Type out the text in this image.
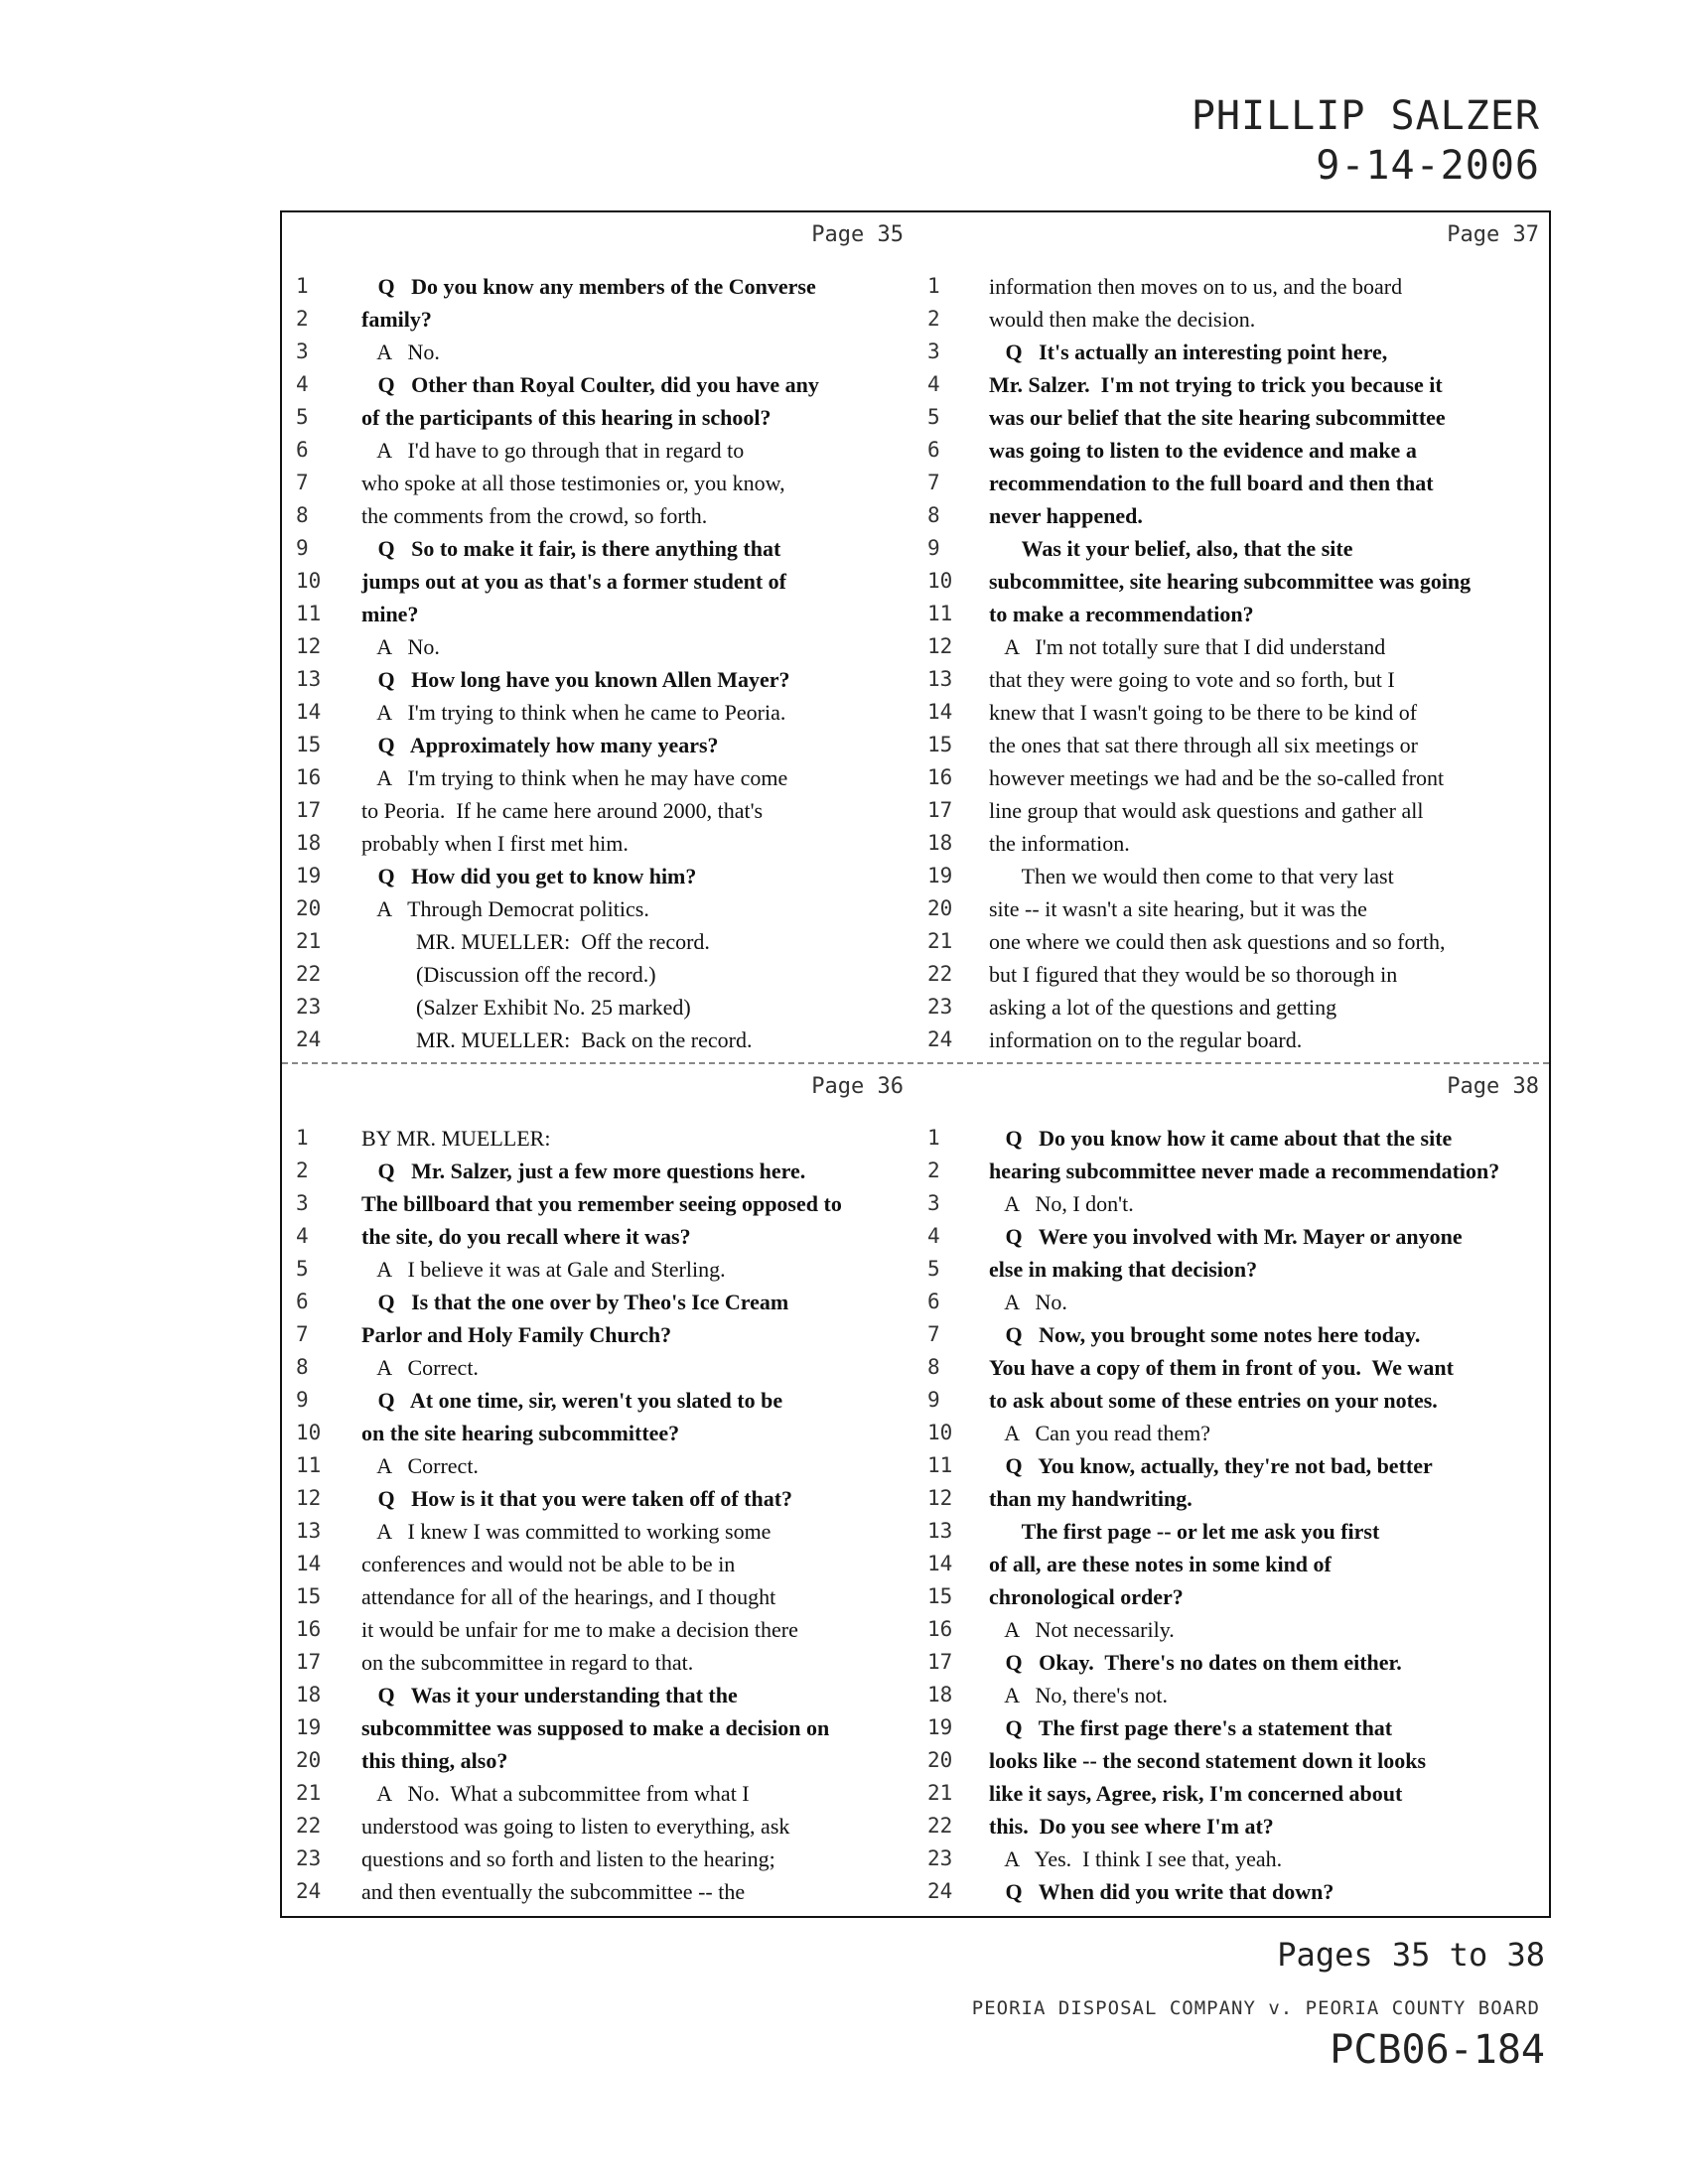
PHILLIP SALZER
9-14-2006
Page 35
1	Q   Do you know any members of the Converse
2	family?
3	A   No.
4	Q   Other than Royal Coulter, did you have any
5	of the participants of this hearing in school?
6	A   I'd have to go through that in regard to
7	who spoke at all those testimonies or, you know,
8	the comments from the crowd, so forth.
9	Q   So to make it fair, is there anything that
10	jumps out at you as that's a former student of
11	mine?
12	A   No.
13	Q   How long have you known Allen Mayer?
14	A   I'm trying to think when he came to Peoria.
15	Q   Approximately how many years?
16	A   I'm trying to think when he may have come
17	to Peoria.  If he came here around 2000, that's
18	probably when I first met him.
19	Q   How did you get to know him?
20	A   Through Democrat politics.
21	MR. MUELLER:  Off the record.
22	(Discussion off the record.)
23	(Salzer Exhibit No. 25 marked)
24	MR. MUELLER:  Back on the record.
Page 37
1	information then moves on to us, and the board
2	would then make the decision.
3	Q   It's actually an interesting point here,
4	Mr. Salzer.  I'm not trying to trick you because it
5	was our belief that the site hearing subcommittee
6	was going to listen to the evidence and make a
7	recommendation to the full board and then that
8	never happened.
9	Was it your belief, also, that the site
10	subcommittee, site hearing subcommittee was going
11	to make a recommendation?
12	A   I'm not totally sure that I did understand
13	that they were going to vote and so forth, but I
14	knew that I wasn't going to be there to be kind of
15	the ones that sat there through all six meetings or
16	however meetings we had and be the so-called front
17	line group that would ask questions and gather all
18	the information.
19	Then we would then come to that very last
20	site -- it wasn't a site hearing, but it was the
21	one where we could then ask questions and so forth,
22	but I figured that they would be so thorough in
23	asking a lot of the questions and getting
24	information on to the regular board.
Page 36
1	BY MR. MUELLER:
2	Q   Mr. Salzer, just a few more questions here.
3	The billboard that you remember seeing opposed to
4	the site, do you recall where it was?
5	A   I believe it was at Gale and Sterling.
6	Q   Is that the one over by Theo's Ice Cream
7	Parlor and Holy Family Church?
8	A   Correct.
9	Q   At one time, sir, weren't you slated to be
10	on the site hearing subcommittee?
11	A   Correct.
12	Q   How is it that you were taken off of that?
13	A   I knew I was committed to working some
14	conferences and would not be able to be in
15	attendance for all of the hearings, and I thought
16	it would be unfair for me to make a decision there
17	on the subcommittee in regard to that.
18	Q   Was it your understanding that the
19	subcommittee was supposed to make a decision on
20	this thing, also?
21	A   No.  What a subcommittee from what I
22	understood was going to listen to everything, ask
23	questions and so forth and listen to the hearing;
24	and then eventually the subcommittee -- the
Page 38
1	Q   Do you know how it came about that the site
2	hearing subcommittee never made a recommendation?
3	A   No, I don't.
4	Q   Were you involved with Mr. Mayer or anyone
5	else in making that decision?
6	A   No.
7	Q   Now, you brought some notes here today.
8	You have a copy of them in front of you.  We want
9	to ask about some of these entries on your notes.
10	A   Can you read them?
11	Q   You know, actually, they're not bad, better
12	than my handwriting.
13	The first page -- or let me ask you first
14	of all, are these notes in some kind of
15	chronological order?
16	A   Not necessarily.
17	Q   Okay.  There's no dates on them either.
18	A   No, there's not.
19	Q   The first page there's a statement that
20	looks like -- the second statement down it looks
21	like it says, Agree, risk, I'm concerned about
22	this.  Do you see where I'm at?
23	A   Yes.  I think I see that, yeah.
24	Q   When did you write that down?
Pages 35 to 38
PEORIA DISPOSAL COMPANY v. PEORIA COUNTY BOARD
PCB06-184
